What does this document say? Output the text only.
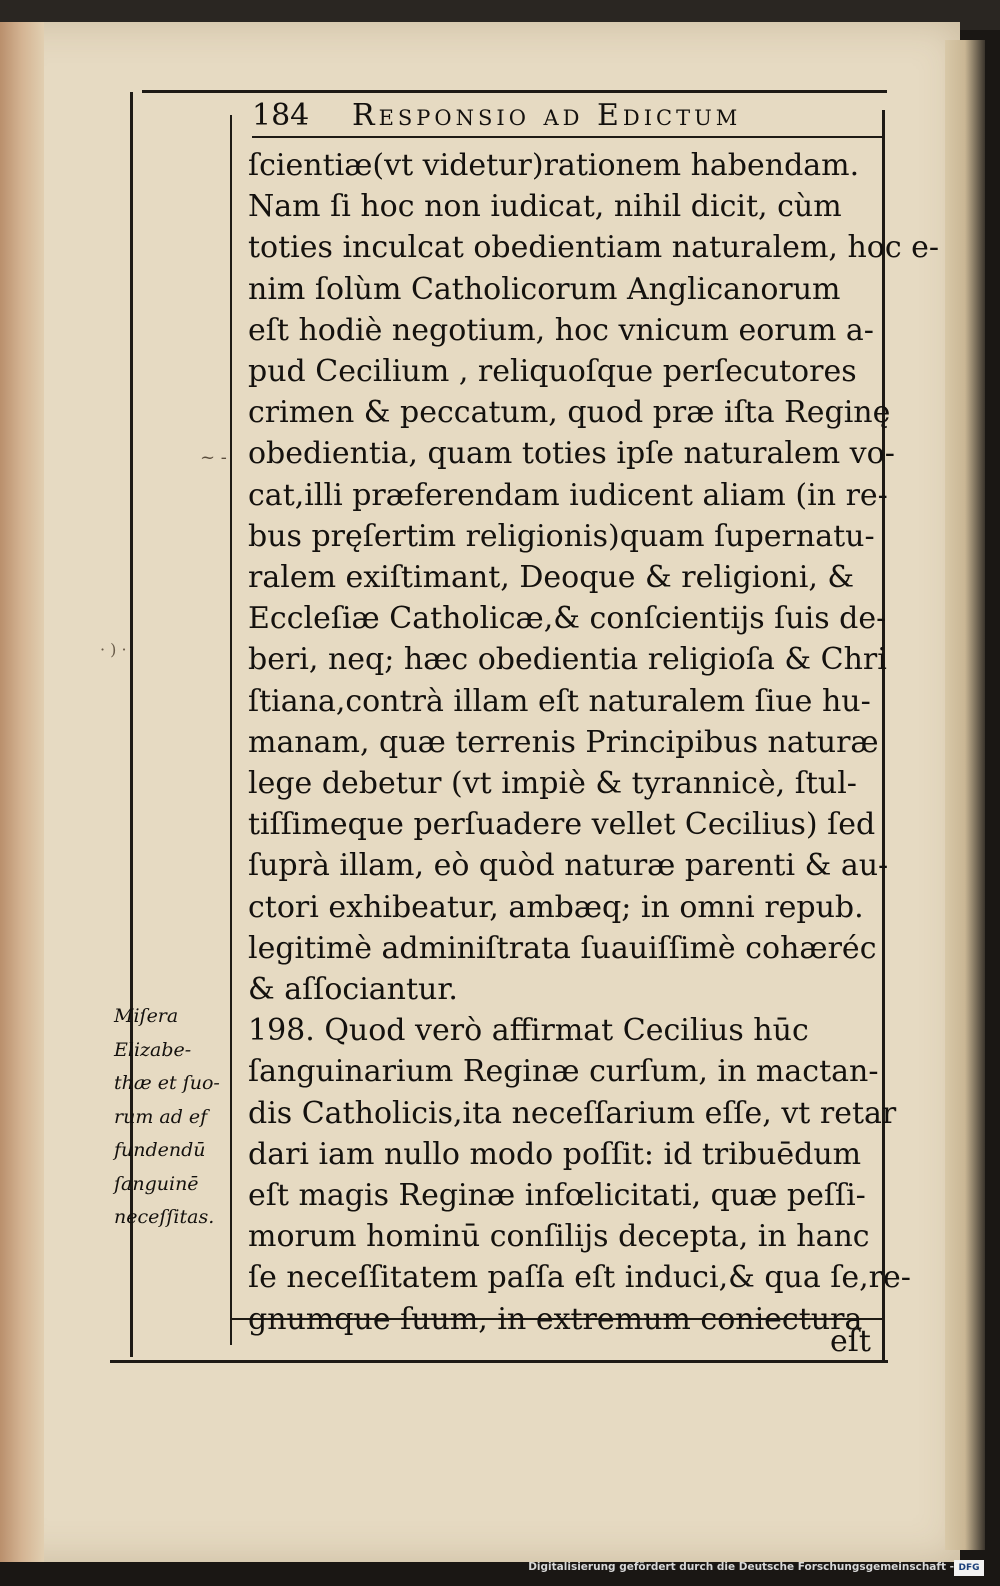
184 Responsio ad Edictum

ſcientiæ(vt videtur)rationem habendam.

Nam ſi hoc non iudicat, nihil dicit, cùm

toties inculcat obedientiam naturalem, hoc e-

nim ſolùm Catholicorum Anglicanorum

eſt hodiè negotium, hoc vnicum eorum a-

pud Cecilium , reliquoſque perſecutores

crimen & peccatum, quod præ iſta Reginę

obedientia, quam toties ipſe naturalem vo-

cat,illi præferendam iudicent aliam (in re-

bus pręſertim religionis)quam ſupernatu-

ralem exiſtimant, Deoque & religioni, &

Eccleſiæ Catholicæ,& conſcientijs ſuis de-

beri, neq; hæc obedientia religioſa & Chri

ſtiana,contrà illam eſt naturalem ſiue hu-

manam, quæ terrenis Principibus naturæ

lege debetur (vt impiè & tyrannicè, ſtul-

tiſſimeque perſuadere vellet Cecilius) ſed

ſuprà illam, eò quòd naturæ parenti & au-

ctori exhibeatur, ambæq; in omni repub.

legitimè adminiſtrata ſuauiſſimè cohæréc

& aſſociantur.

198. Quod verò affirmat Cecilius hūc

ſanguinarium Reginæ curſum, in mactan-

dis Catholicis,ita neceſſarium eſſe, vt retar

dari iam nullo modo poſſit: id tribuēdum

eſt magis Reginæ infœlicitati, quæ peſſi-

morum hominū conſilijs decepta, in hanc

ſe neceſſitatem paſſa eſt induci,& qua ſe,re-

gnumque ſuum, in extremum coniectura

Miſera

Elizabe-

thæ et ſuo-

rum ad ef

fundendū

ſanguinē

neceſſitas.

eſt

~ -

· ) ·

Digitalisierung gefördert durch die Deutsche Forschungsgemeinschaft - DFG
